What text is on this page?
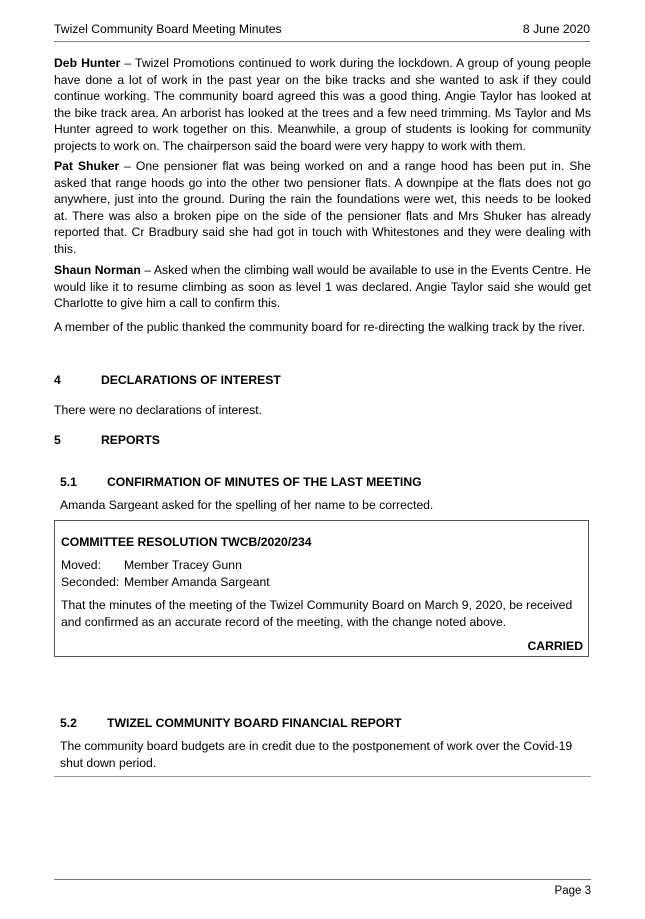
Twizel Community Board Meeting Minutes	8 June 2020

Deb Hunter – Twizel Promotions continued to work during the lockdown. A group of young people have done a lot of work in the past year on the bike tracks and she wanted to ask if they could continue working. The community board agreed this was a good thing. Angie Taylor has looked at the bike track area. An arborist has looked at the trees and a few need trimming. Ms Taylor and Ms Hunter agreed to work together on this. Meanwhile, a group of students is looking for community projects to work on. The chairperson said the board were very happy to work with them.

Pat Shuker – One pensioner flat was being worked on and a range hood has been put in. She asked that range hoods go into the other two pensioner flats. A downpipe at the flats does not go anywhere, just into the ground. During the rain the foundations were wet, this needs to be looked at. There was also a broken pipe on the side of the pensioner flats and Mrs Shuker has already reported that. Cr Bradbury said she had got in touch with Whitestones and they were dealing with this.

Shaun Norman – Asked when the climbing wall would be available to use in the Events Centre. He would like it to resume climbing as soon as level 1 was declared. Angie Taylor said she would get Charlotte to give him a call to confirm this.

A member of the public thanked the community board for re-directing the walking track by the river.

4	DECLARATIONS OF INTEREST

There were no declarations of interest.

5	REPORTS
5.1	CONFIRMATION OF MINUTES OF THE LAST MEETING

Amanda Sargeant asked for the spelling of her name to be corrected.

COMMITTEE RESOLUTION TWCB/2020/234
Moved: Member Tracey Gunn
Seconded: Member Amanda Sargeant
That the minutes of the meeting of the Twizel Community Board on March 9, 2020, be received and confirmed as an accurate record of the meeting, with the change noted above.
CARRIED
5.2	TWIZEL COMMUNITY BOARD FINANCIAL REPORT

The community board budgets are in credit due to the postponement of work over the Covid-19 shut down period.

Page 3
